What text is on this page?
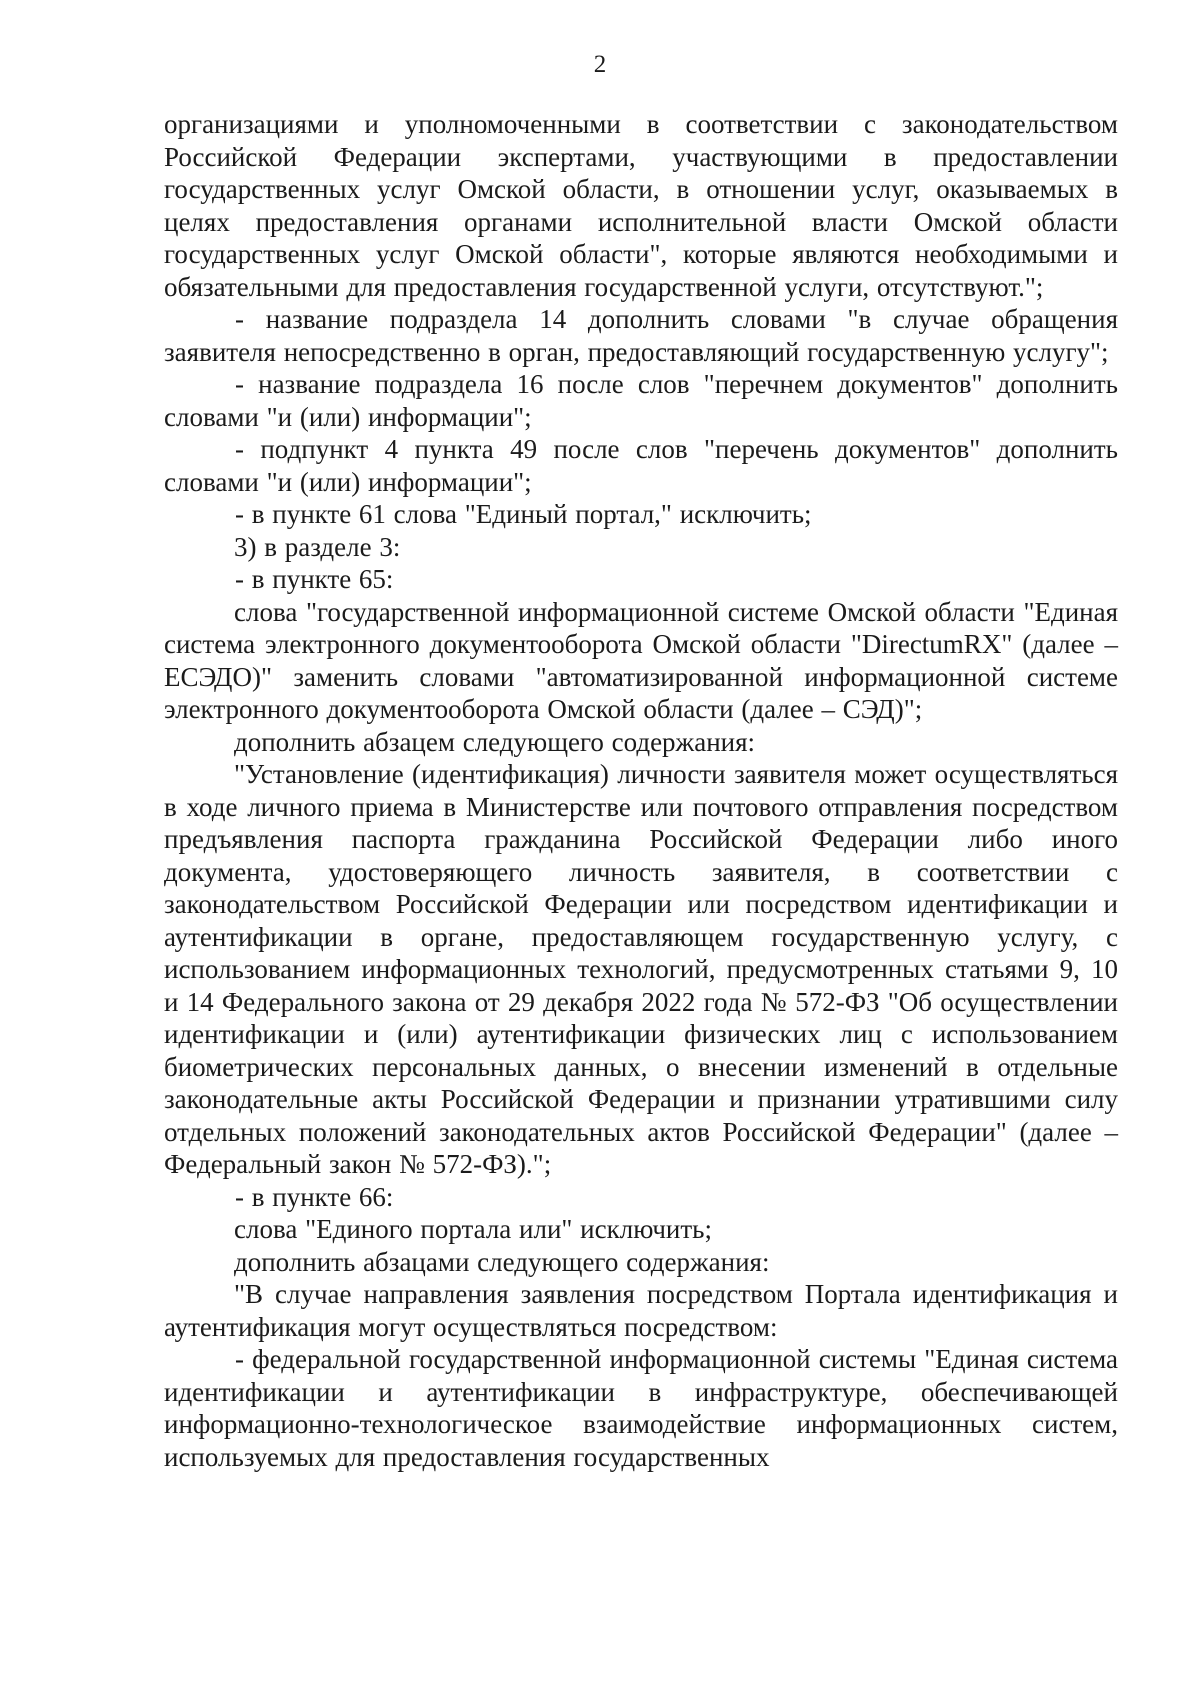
2

организациями и уполномоченными в соответствии с законодательством Российской Федерации экспертами, участвующими в предоставлении государственных услуг Омской области, в отношении услуг, оказываемых в целях предоставления органами исполнительной власти Омской области государственных услуг Омской области", которые являются необходимыми и обязательными для предоставления государственной услуги, отсутствуют.";

- название подраздела 14 дополнить словами "в случае обращения заявителя непосредственно в орган, предоставляющий государственную услугу";

- название подраздела 16 после слов "перечнем документов" дополнить словами "и (или) информации";

- подпункт 4 пункта 49 после слов "перечень документов" дополнить словами "и (или) информации";

- в пункте 61 слова "Единый портал," исключить;

3) в разделе 3:

- в пункте 65:

слова "государственной информационной системе Омской области "Единая система электронного документооборота Омской области "DirectumRX" (далее – ЕСЭДО)" заменить словами "автоматизированной информационной системе электронного документооборота Омской области (далее – СЭД)";

дополнить абзацем следующего содержания:

"Установление (идентификация) личности заявителя может осуществляться в ходе личного приема в Министерстве или почтового отправления посредством предъявления паспорта гражданина Российской Федерации либо иного документа, удостоверяющего личность заявителя, в соответствии с законодательством Российской Федерации или посредством идентификации и аутентификации в органе, предоставляющем государственную услугу, с использованием информационных технологий, предусмотренных статьями 9, 10 и 14 Федерального закона от 29 декабря 2022 года № 572-ФЗ "Об осуществлении идентификации и (или) аутентификации физических лиц с использованием биометрических персональных данных, о внесении изменений в отдельные законодательные акты Российской Федерации и признании утратившими силу отдельных положений законодательных актов Российской Федерации" (далее – Федеральный закон № 572-ФЗ).";

- в пункте 66:

слова "Единого портала или" исключить;

дополнить абзацами следующего содержания:

"В случае направления заявления посредством Портала идентификация и аутентификация могут осуществляться посредством:

- федеральной государственной информационной системы "Единая система идентификации и аутентификации в инфраструктуре, обеспечивающей информационно-технологическое взаимодействие информационных систем, используемых для предоставления государственных
